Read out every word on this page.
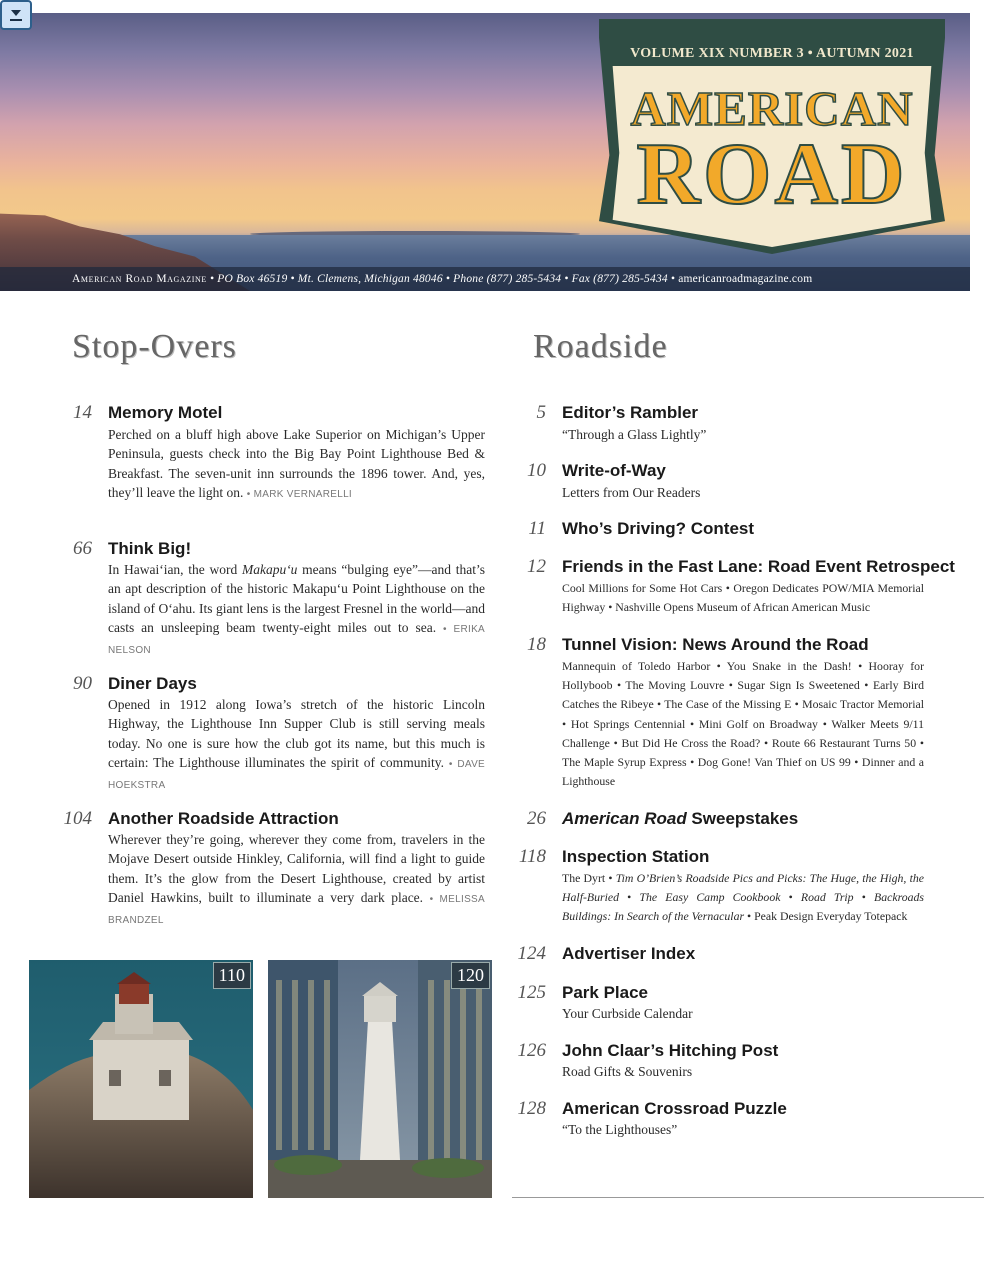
American Road Magazine • PO Box 46519 • Mt. Clemens, Michigan 48046 • Phone (877) 285-5434 • Fax (877) 285-5434 • americanroadmagazine.com
VOLUME XIX NUMBER 3 • AUTUMN 2021
AMERICAN
ROAD
Stop-Overs	Roadside
14 Memory Motel
Perched on a bluff high above Lake Superior on Michigan’s Upper Peninsula, guests check into the Big Bay Point Lighthouse Bed & Breakfast. The seven-unit inn surrounds the 1896 tower. And, yes, they’ll leave the light on. • MARK VERNARELLI
66 Think Big!
In Hawai‘ian, the word Makapu‘u means “bulging eye”—and that’s an apt description of the historic Makapu‘u Point Lighthouse on the island of O‘ahu. Its giant lens is the largest Fresnel in the world—and casts an unsleeping beam twenty-eight miles out to sea. • ERIKA NELSON
90 Diner Days
Opened in 1912 along Iowa’s stretch of the historic Lincoln Highway, the Lighthouse Inn Supper Club is still serving meals today. No one is sure how the club got its name, but this much is certain: The Lighthouse illuminates the spirit of community. • DAVE HOEKSTRA
104 Another Roadside Attraction
Wherever they’re going, wherever they come from, travelers in the Mojave Desert outside Hinkley, California, will find a light to guide them. It’s the glow from the Desert Lighthouse, created by artist Daniel Hawkins, built to illuminate a very dark place. • MELISSA BRANDZEL
110	120
5 Editor’s Rambler
“Through a Glass Lightly”
10 Write-of-Way
Letters from Our Readers
11 Who’s Driving? Contest
12 Friends in the Fast Lane: Road Event Retrospect
Cool Millions for Some Hot Cars • Oregon Dedicates POW/MIA Memorial Highway • Nashville Opens Museum of African American Music
18 Tunnel Vision: News Around the Road
Mannequin of Toledo Harbor • You Snake in the Dash! • Hooray for Hollyboob • The Moving Louvre • Sugar Sign Is Sweetened • Early Bird Catches the Ribeye • The Case of the Missing E • Mosaic Tractor Memorial • Hot Springs Centennial • Mini Golf on Broadway • Walker Meets 9/11 Challenge • But Did He Cross the Road? • Route 66 Restaurant Turns 50 • The Maple Syrup Express • Dog Gone! Van Thief on US 99 • Dinner and a Lighthouse
26 American Road Sweepstakes
118 Inspection Station
The Dyrt • Tim O’Brien’s Roadside Pics and Picks: The Huge, the High, the Half-Buried • The Easy Camp Cookbook • Road Trip • Backroads Buildings: In Search of the Vernacular • Peak Design Everyday Totepack
124 Advertiser Index
125 Park Place
Your Curbside Calendar
126 John Claar’s Hitching Post
Road Gifts & Souvenirs
128 American Crossroad Puzzle
“To the Lighthouses”
